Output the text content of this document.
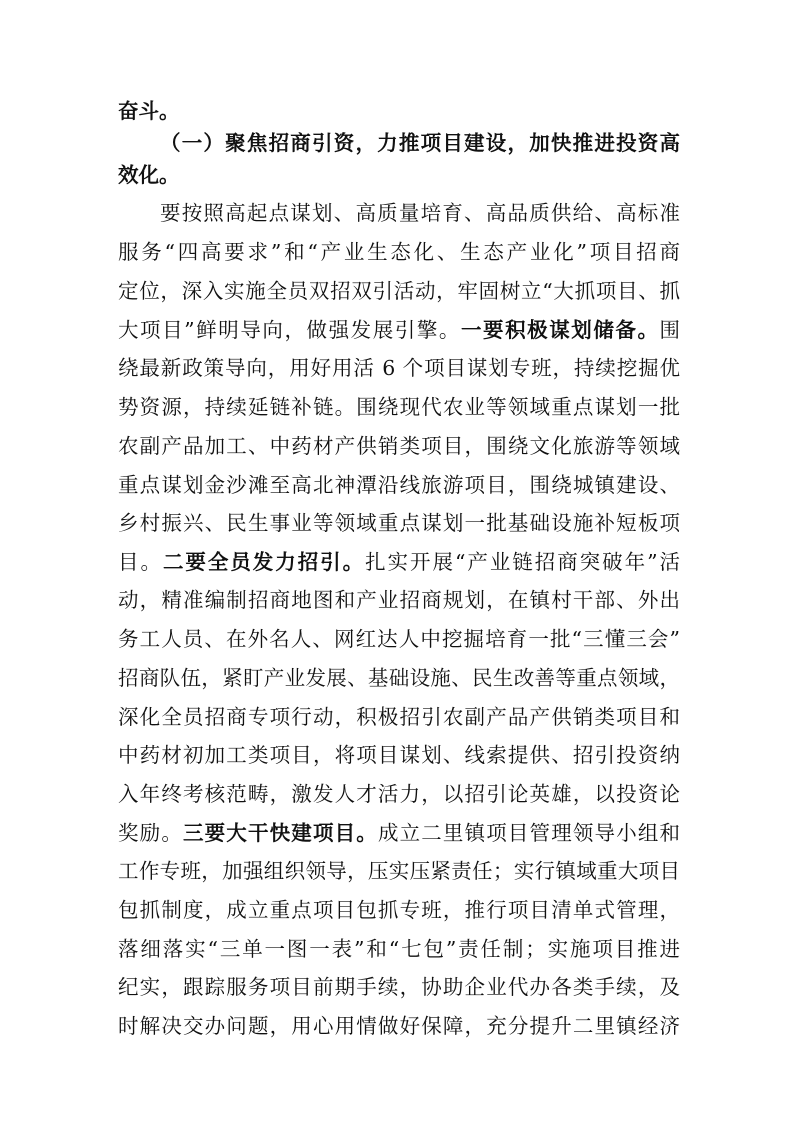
奋斗。
（一）聚焦招商引资，力推项目建设，加快推进投资高
效化。
要按照高起点谋划、高质量培育、高品质供给、高标准
服务“四高要求”和“产业生态化、生态产业化”项目招商
定位，深入实施全员双招双引活动，牢固树立“大抓项目、抓
大项目”鲜明导向，做强发展引擎。一要积极谋划储备。围
绕最新政策导向，用好用活 6 个项目谋划专班，持续挖掘优
势资源，持续延链补链。围绕现代农业等领域重点谋划一批
农副产品加工、中药材产供销类项目，围绕文化旅游等领域
重点谋划金沙滩至高北神潭沿线旅游项目，围绕城镇建设、
乡村振兴、民生事业等领域重点谋划一批基础设施补短板项
目。二要全员发力招引。扎实开展“产业链招商突破年”活
动，精准编制招商地图和产业招商规划，在镇村干部、外出
务工人员、在外名人、网红达人中挖掘培育一批“三懂三会”
招商队伍，紧盯产业发展、基础设施、民生改善等重点领域，
深化全员招商专项行动，积极招引农副产品产供销类项目和
中药材初加工类项目，将项目谋划、线索提供、招引投资纳
入年终考核范畴，激发人才活力，以招引论英雄，以投资论
奖励。三要大干快建项目。成立二里镇项目管理领导小组和
工作专班，加强组织领导，压实压紧责任；实行镇域重大项目
包抓制度，成立重点项目包抓专班，推行项目清单式管理，
落细落实“三单一图一表”和“七包”责任制；实施项目推进
纪实，跟踪服务项目前期手续，协助企业代办各类手续，及
时解决交办问题，用心用情做好保障，充分提升二里镇经济
